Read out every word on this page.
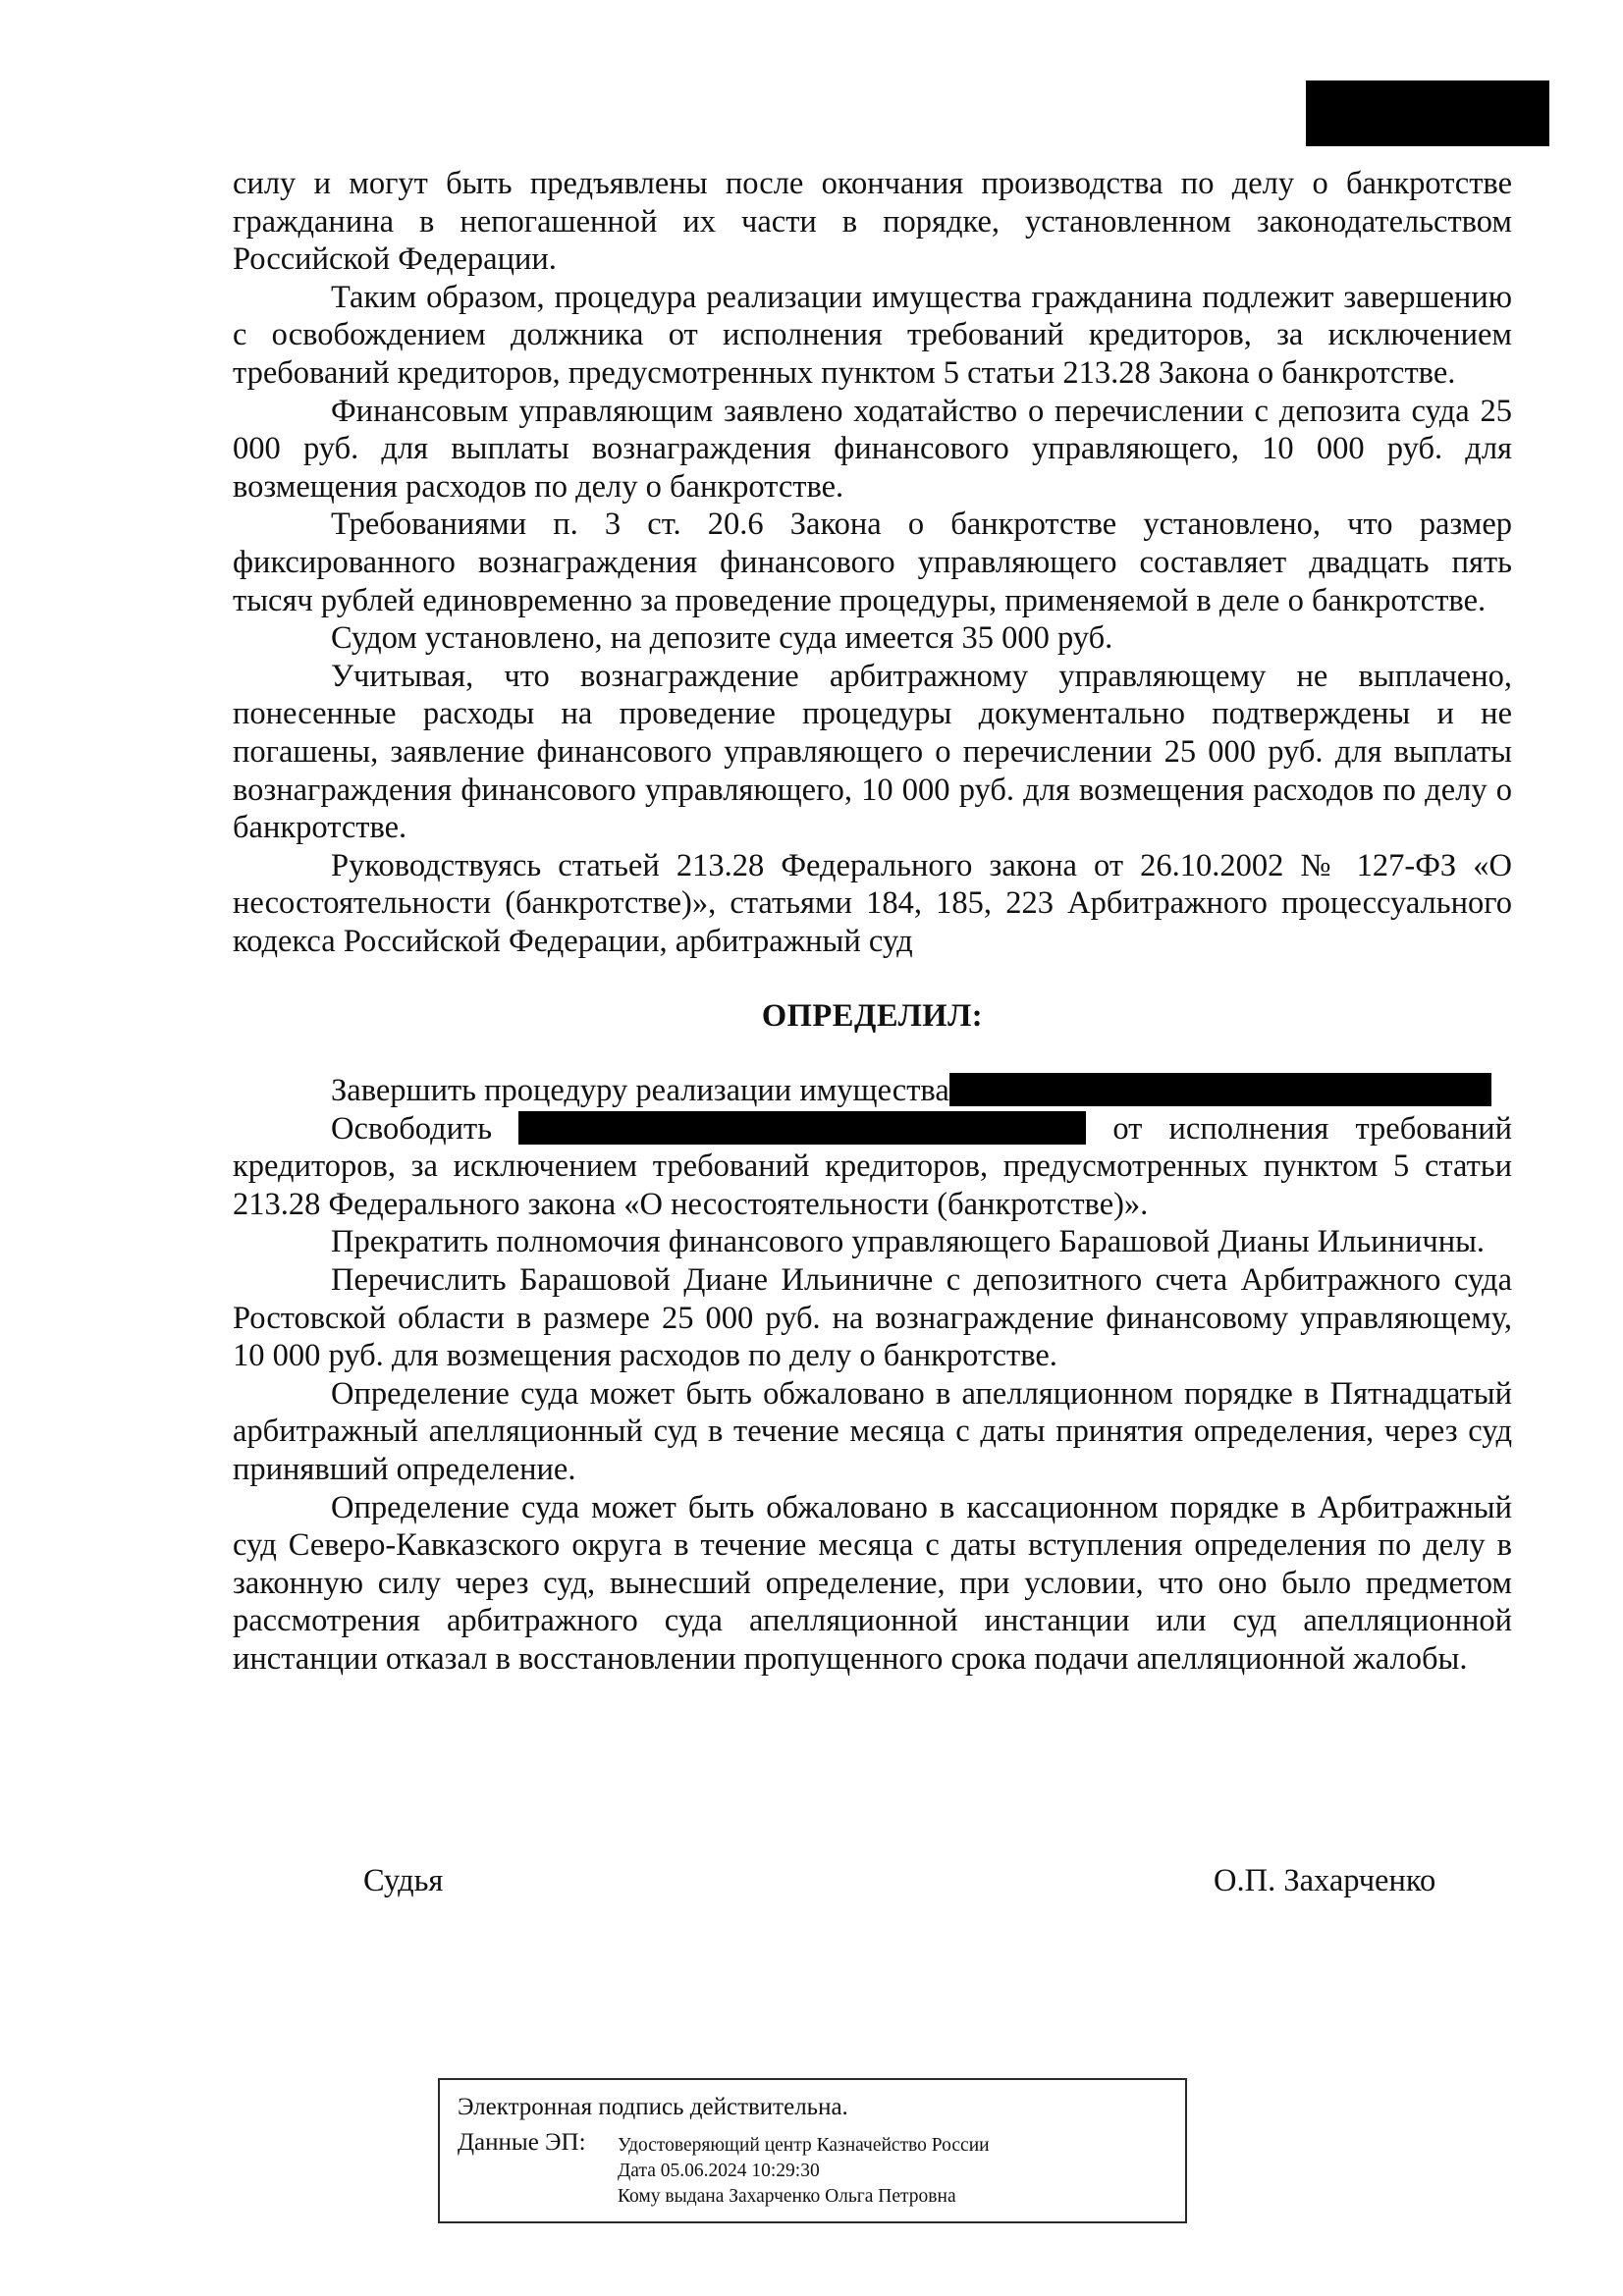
силу и могут быть предъявлены после окончания производства по делу о банкротстве гражданина в непогашенной их части в порядке, установленном законодательством Российской Федерации.

Таким образом, процедура реализации имущества гражданина подлежит завершению с освобождением должника от исполнения требований кредиторов, за исключением требований кредиторов, предусмотренных пунктом 5 статьи 213.28 Закона о банкротстве.

Финансовым управляющим заявлено ходатайство о перечислении с депозита суда 25 000 руб. для выплаты вознаграждения финансового управляющего, 10 000 руб. для возмещения расходов по делу о банкротстве.

Требованиями п. 3 ст. 20.6 Закона о банкротстве установлено, что размер фиксированного вознаграждения финансового управляющего составляет двадцать пять тысяч рублей единовременно за проведение процедуры, применяемой в деле о банкротстве.

Судом установлено, на депозите суда имеется 35 000 руб.

Учитывая, что вознаграждение арбитражному управляющему не выплачено, понесенные расходы на проведение процедуры документально подтверждены и не погашены, заявление финансового управляющего о перечислении 25 000 руб. для выплаты вознаграждения финансового управляющего, 10 000 руб. для возмещения расходов по делу о банкротстве.

Руководствуясь статьей 213.28 Федерального закона от 26.10.2002 № 127-ФЗ «О несостоятельности (банкротстве)», статьями 184, 185, 223 Арбитражного процессуального кодекса Российской Федерации, арбитражный суд

ОПРЕДЕЛИЛ:

Завершить процедуру реализации имущества

Освободить	от исполнения требований кредиторов, за исключением требований кредиторов, предусмотренных пунктом 5 статьи 213.28 Федерального закона «О несостоятельности (банкротстве)».

Прекратить полномочия финансового управляющего Барашовой Дианы Ильиничны.

Перечислить Барашовой Диане Ильиничне с депозитного счета Арбитражного суда Ростовской области в размере 25 000 руб. на вознаграждение финансовому управляющему, 10 000 руб. для возмещения расходов по делу о банкротстве.

Определение суда может быть обжаловано в апелляционном порядке в Пятнадцатый арбитражный апелляционный суд в течение месяца с даты принятия определения, через суд принявший определение.

Определение суда может быть обжаловано в кассационном порядке в Арбитражный суд Северо-Кавказского округа в течение месяца с даты вступления определения по делу в законную силу через суд, вынесший определение, при условии, что оно было предметом рассмотрения арбитражного суда апелляционной инстанции или суд апелляционной инстанции отказал в восстановлении пропущенного срока подачи апелляционной жалобы.

Судья	О.П. Захарченко
Электронная подпись действительна.
Данные ЭП: Удостоверяющий центр Казначейство России
Дата 05.06.2024 10:29:30
Кому выдана Захарченко Ольга Петровна
